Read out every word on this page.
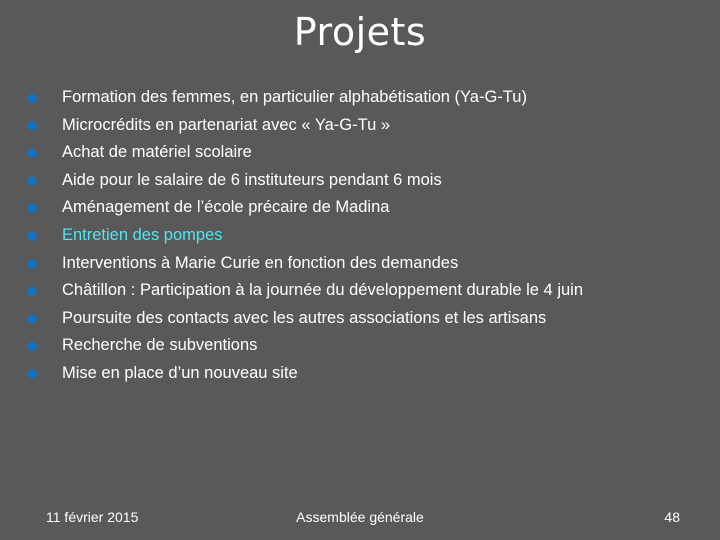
Projets
Formation des femmes, en particulier alphabétisation (Ya-G-Tu)
Microcrédits en partenariat avec « Ya-G-Tu »
Achat de matériel scolaire
Aide pour le salaire de 6 instituteurs pendant 6 mois
Aménagement de l’école précaire de Madina
Entretien des pompes
Interventions à Marie Curie en fonction des demandes
Châtillon : Participation à la journée du développement durable le 4 juin
Poursuite des contacts avec les autres associations et les artisans
Recherche de subventions
Mise en place d’un nouveau site
11 février 2015	Assemblée générale	48
